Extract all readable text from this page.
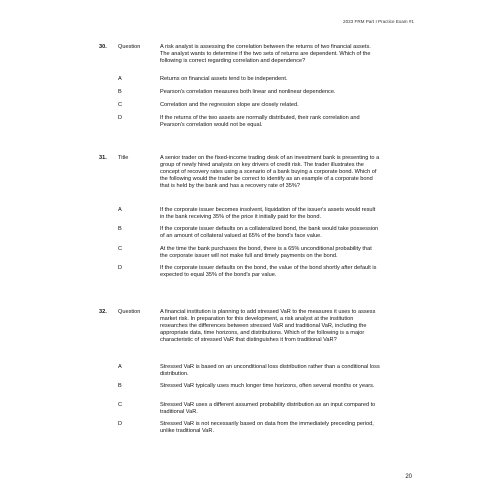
2023 FRM Part I Practice Exam #1
30. Question	A risk analyst is assessing the correlation between the returns of two financial assets. The analyst wants to determine if the two sets of returns are dependent. Which of the following is correct regarding correlation and dependence?
A	Returns on financial assets tend to be independent.
B	Pearson's correlation measures both linear and nonlinear dependence.
C	Correlation and the regression slope are closely related.
D	If the returns of the two assets are normally distributed, their rank correlation and Pearson's correlation would not be equal.
31. Title	A senior trader on the fixed-income trading desk of an investment bank is presenting to a group of newly hired analysts on key drivers of credit risk. The trader illustrates the concept of recovery rates using a scenario of a bank buying a corporate bond. Which of the following would the trader be correct to identify as an example of a corporate bond that is held by the bank and has a recovery rate of 35%?
A	If the corporate issuer becomes insolvent, liquidation of the issuer's assets would result in the bank receiving 35% of the price it initially paid for the bond.
B	If the corporate issuer defaults on a collateralized bond, the bank would take possession of an amount of collateral valued at 65% of the bond's face value.
C	At the time the bank purchases the bond, there is a 65% unconditional probability that the corporate issuer will not make full and timely payments on the bond.
D	If the corporate issuer defaults on the bond, the value of the bond shortly after default is expected to equal 35% of the bond's par value.
32. Question	A financial institution is planning to add stressed VaR to the measures it uses to assess market risk. In preparation for this development, a risk analyst at the institution researches the differences between stressed VaR and traditional VaR, including the appropriate data, time horizons, and distributions. Which of the following is a major characteristic of stressed VaR that distinguishes it from traditional VaR?
A	Stressed VaR is based on an unconditional loss distribution rather than a conditional loss distribution.
B	Stressed VaR typically uses much longer time horizons, often several months or years.
C	Stressed VaR uses a different assumed probability distribution as an input compared to traditional VaR.
D	Stressed VaR is not necessarily based on data from the immediately preceding period, unlike traditional VaR.
20
